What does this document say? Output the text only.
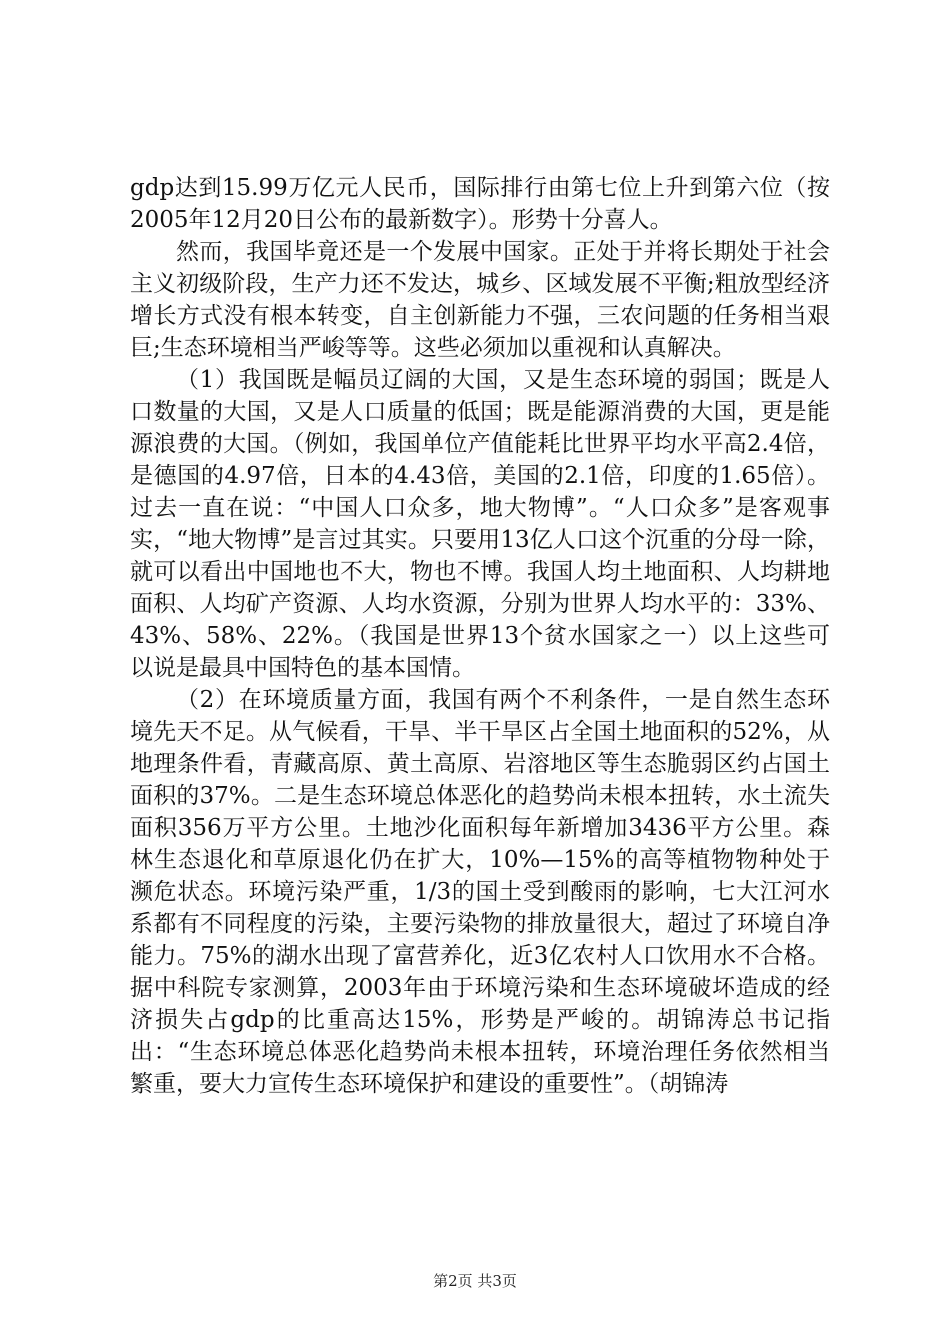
gdp达到15.99万亿元人民币，国际排行由第七位上升到第六位（按2005年12月20日公布的最新数字）。形势十分喜人。

然而，我国毕竟还是一个发展中国家。正处于并将长期处于社会主义初级阶段，生产力还不发达，城乡、区域发展不平衡;粗放型经济增长方式没有根本转变，自主创新能力不强，三农问题的任务相当艰巨;生态环境相当严峻等等。这些必须加以重视和认真解决。

（1）我国既是幅员辽阔的大国，又是生态环境的弱国；既是人口数量的大国，又是人口质量的低国；既是能源消费的大国，更是能源浪费的大国。（例如，我国单位产值能耗比世界平均水平高2.4倍，是德国的4.97倍，日本的4.43倍，美国的2.1倍，印度的1.65倍）。过去一直在说：“中国人口众多，地大物博”。“人口众多”是客观事实，“地大物博”是言过其实。只要用13亿人口这个沉重的分母一除，就可以看出中国地也不大，物也不博。我国人均土地面积、人均耕地面积、人均矿产资源、人均水资源，分别为世界人均水平的：33%、43%、58%、22%。（我国是世界13个贫水国家之一）以上这些可以说是最具中国特色的基本国情。

（2）在环境质量方面，我国有两个不利条件，一是自然生态环境先天不足。从气候看，干旱、半干旱区占全国土地面积的52%，从地理条件看，青藏高原、黄土高原、岩溶地区等生态脆弱区约占国土面积的37%。二是生态环境总体恶化的趋势尚未根本扭转，水土流失面积356万平方公里。土地沙化面积每年新增加3436平方公里。森林生态退化和草原退化仍在扩大，10%—15%的高等植物物种处于濒危状态。环境污染严重，1/3的国土受到酸雨的影响，七大江河水系都有不同程度的污染，主要污染物的排放量很大，超过了环境自净能力。75%的湖水出现了富营养化，近3亿农村人口饮用水不合格。据中科院专家测算，2003年由于环境污染和生态环境破坏造成的经济损失占gdp的比重高达15%，形势是严峻的。胡锦涛总书记指出：“生态环境总体恶化趋势尚未根本扭转，环境治理任务依然相当繁重，要大力宣传生态环境保护和建设的重要性”。（胡锦涛

第2页 共3页
